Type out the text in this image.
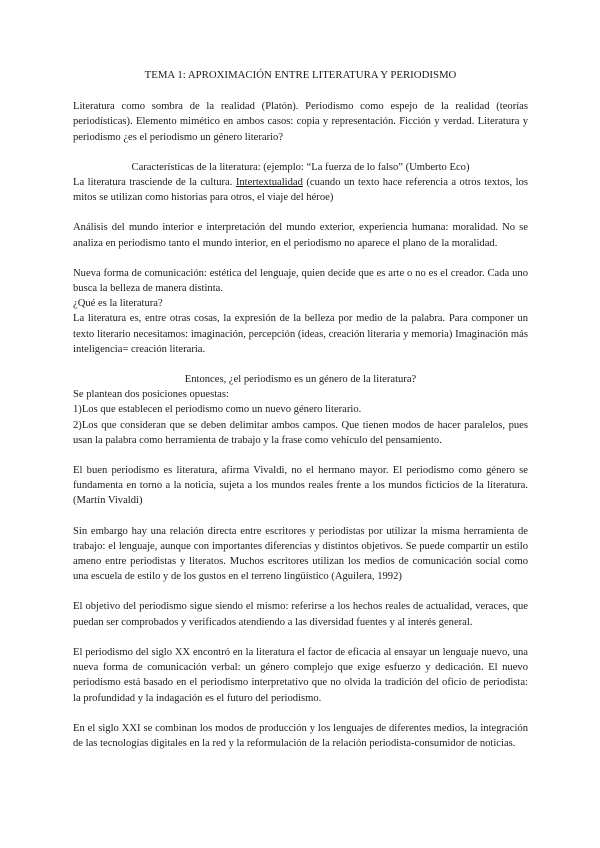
TEMA 1: APROXIMACIÓN ENTRE LITERATURA Y PERIODISMO

Literatura como sombra de la realidad (Platón). Periodismo como espejo de la realidad (teorías periodísticas). Elemento mimético en ambos casos: copia y representación. Ficción y verdad. Literatura y periodismo ¿es el periodismo un género literario?

Características de la literatura: (ejemplo: “La fuerza de lo falso” (Umberto Eco)

La literatura trasciende de la cultura. Intertextualidad (cuando un texto hace referencia a otros textos, los mitos se utilizan como historias para otros, el viaje del héroe)

Análisis del mundo interior e interpretación del mundo exterior, experiencia humana: moralidad. No se analiza en periodismo tanto el mundo interior, en el periodismo no aparece el plano de la moralidad.

Nueva forma de comunicación: estética del lenguaje, quien decide que es arte o no es el creador. Cada uno busca la belleza de manera distinta.

¿Qué es la literatura?

La literatura es, entre otras cosas, la expresión de la belleza por medio de la palabra. Para componer un texto literario necesitamos: imaginación, percepción (ideas, creación literaria y memoria) Imaginación más inteligencia= creación literaria.

Entonces, ¿el periodismo es un género de la literatura?

Se plantean dos posiciones opuestas:

1)Los que establecen el periodismo como un nuevo género literario.

2)Los que consideran que se deben delimitar ambos campos. Que tienen modos de hacer paralelos, pues usan la palabra como herramienta de trabajo y la frase como vehículo del pensamiento.

El buen periodismo es literatura, afirma Vivaldi, no el hermano mayor. El periodismo como género se fundamenta en torno a la noticia, sujeta a los mundos reales frente a los mundos ficticios de la literatura. (Martín Vivaldi)

Sin embargo hay una relación directa entre escritores y periodistas por utilizar la misma herramienta de trabajo: el lenguaje, aunque con importantes diferencias y distintos objetivos. Se puede compartir un estilo ameno entre periodistas y literatos. Muchos escritores utilizan los medios de comunicación social como una escuela de estilo y de los gustos en el terreno lingüístico (Aguilera, 1992)

El objetivo del periodismo sigue siendo el mismo: referirse a los hechos reales de actualidad, veraces, que puedan ser comprobados y verificados atendiendo a las diversidad fuentes y al interés general.

El periodismo del siglo XX encontró en la literatura el factor de eficacia al ensayar un lenguaje nuevo, una nueva forma de comunicación verbal: un género complejo que exige esfuerzo y dedicación. El nuevo periodismo está basado en el periodismo interpretativo que no olvida la tradición del oficio de periodista: la profundidad y la indagación es el futuro del periodismo.

En el siglo XXI se combinan los modos de producción y los lenguajes de diferentes medios, la integración de las tecnologías digitales en la red y la reformulación de la relación periodista-consumidor de noticias.
